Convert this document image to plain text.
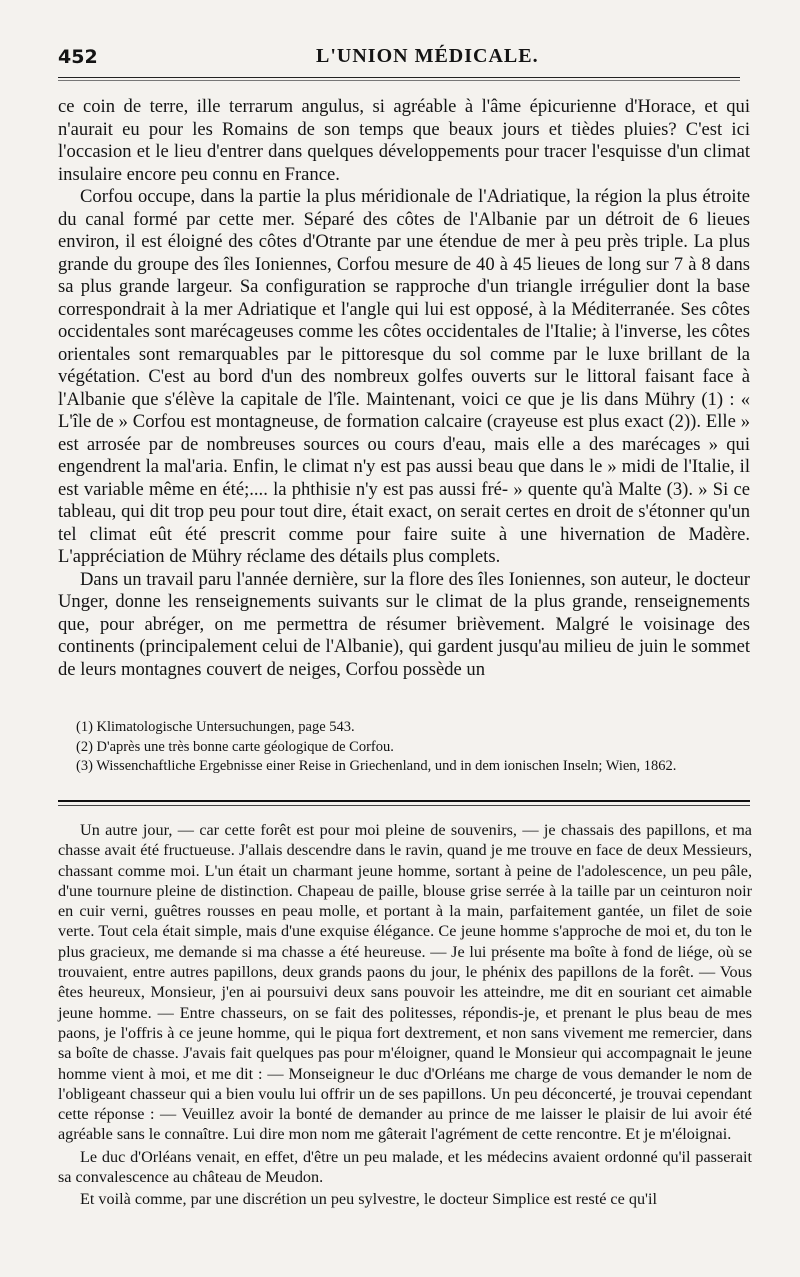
452	L'UNION MÉDICALE.

ce coin de terre, ille terrarum angulus, si agréable à l'âme épicurienne d'Horace, et qui n'aurait eu pour les Romains de son temps que beaux jours et tièdes pluies? C'est ici l'occasion et le lieu d'entrer dans quelques développements pour tracer l'esquisse d'un climat insulaire encore peu connu en France.

Corfou occupe, dans la partie la plus méridionale de l'Adriatique, la région la plus étroite du canal formé par cette mer. Séparé des côtes de l'Albanie par un détroit de 6 lieues environ, il est éloigné des côtes d'Otrante par une étendue de mer à peu près triple. La plus grande du groupe des îles Ioniennes, Corfou mesure de 40 à 45 lieues de long sur 7 à 8 dans sa plus grande largeur. Sa configuration se rapproche d'un triangle irrégulier dont la base correspondrait à la mer Adriatique et l'angle qui lui est opposé, à la Méditerranée. Ses côtes occidentales sont marécageuses comme les côtes occidentales de l'Italie; à l'inverse, les côtes orientales sont remarquables par le pittoresque du sol comme par le luxe brillant de la végétation. C'est au bord d'un des nombreux golfes ouverts sur le littoral faisant face à l'Albanie que s'élève la capitale de l'île. Maintenant, voici ce que je lis dans Mühry (1) : « L'île de » Corfou est montagneuse, de formation calcaire (crayeuse est plus exact (2)). Elle » est arrosée par de nombreuses sources ou cours d'eau, mais elle a des marécages » qui engendrent la mal'aria. Enfin, le climat n'y est pas aussi beau que dans le » midi de l'Italie, il est variable même en été;.... la phthisie n'y est pas aussi fré- » quente qu'à Malte (3). » Si ce tableau, qui dit trop peu pour tout dire, était exact, on serait certes en droit de s'étonner qu'un tel climat eût été prescrit comme pour faire suite à une hivernation de Madère. L'appréciation de Mühry réclame des détails plus complets.

Dans un travail paru l'année dernière, sur la flore des îles Ioniennes, son auteur, le docteur Unger, donne les renseignements suivants sur le climat de la plus grande, renseignements que, pour abréger, on me permettra de résumer brièvement. Malgré le voisinage des continents (principalement celui de l'Albanie), qui gardent jusqu'au milieu de juin le sommet de leurs montagnes couvert de neiges, Corfou possède un

(1) Klimatologische Untersuchungen, page 543.

(2) D'après une très bonne carte géologique de Corfou.

(3) Wissenchaftliche Ergebnisse einer Reise in Griechenland, und in dem ionischen Inseln; Wien, 1862.

Un autre jour, — car cette forêt est pour moi pleine de souvenirs, — je chassais des papillons, et ma chasse avait été fructueuse. J'allais descendre dans le ravin, quand je me trouve en face de deux Messieurs, chassant comme moi. L'un était un charmant jeune homme, sortant à peine de l'adolescence, un peu pâle, d'une tournure pleine de distinction. Chapeau de paille, blouse grise serrée à la taille par un ceinturon noir en cuir verni, guêtres rousses en peau molle, et portant à la main, parfaitement gantée, un filet de soie verte. Tout cela était simple, mais d'une exquise élégance. Ce jeune homme s'approche de moi et, du ton le plus gracieux, me demande si ma chasse a été heureuse. — Je lui présente ma boîte à fond de liége, où se trouvaient, entre autres papillons, deux grands paons du jour, le phénix des papillons de la forêt. — Vous êtes heureux, Monsieur, j'en ai poursuivi deux sans pouvoir les atteindre, me dit en souriant cet aimable jeune homme. — Entre chasseurs, on se fait des politesses, répondis-je, et prenant le plus beau de mes paons, je l'offris à ce jeune homme, qui le piqua fort dextrement, et non sans vivement me remercier, dans sa boîte de chasse. J'avais fait quelques pas pour m'éloigner, quand le Monsieur qui accompagnait le jeune homme vient à moi, et me dit : — Monseigneur le duc d'Orléans me charge de vous demander le nom de l'obligeant chasseur qui a bien voulu lui offrir un de ses papillons. Un peu déconcerté, je trouvai cependant cette réponse : — Veuillez avoir la bonté de demander au prince de me laisser le plaisir de lui avoir été agréable sans le connaître. Lui dire mon nom me gâterait l'agrément de cette rencontre. Et je m'éloignai.

Le duc d'Orléans venait, en effet, d'être un peu malade, et les médecins avaient ordonné qu'il passerait sa convalescence au château de Meudon.

Et voilà comme, par une discrétion un peu sylvestre, le docteur Simplice est resté ce qu'il
